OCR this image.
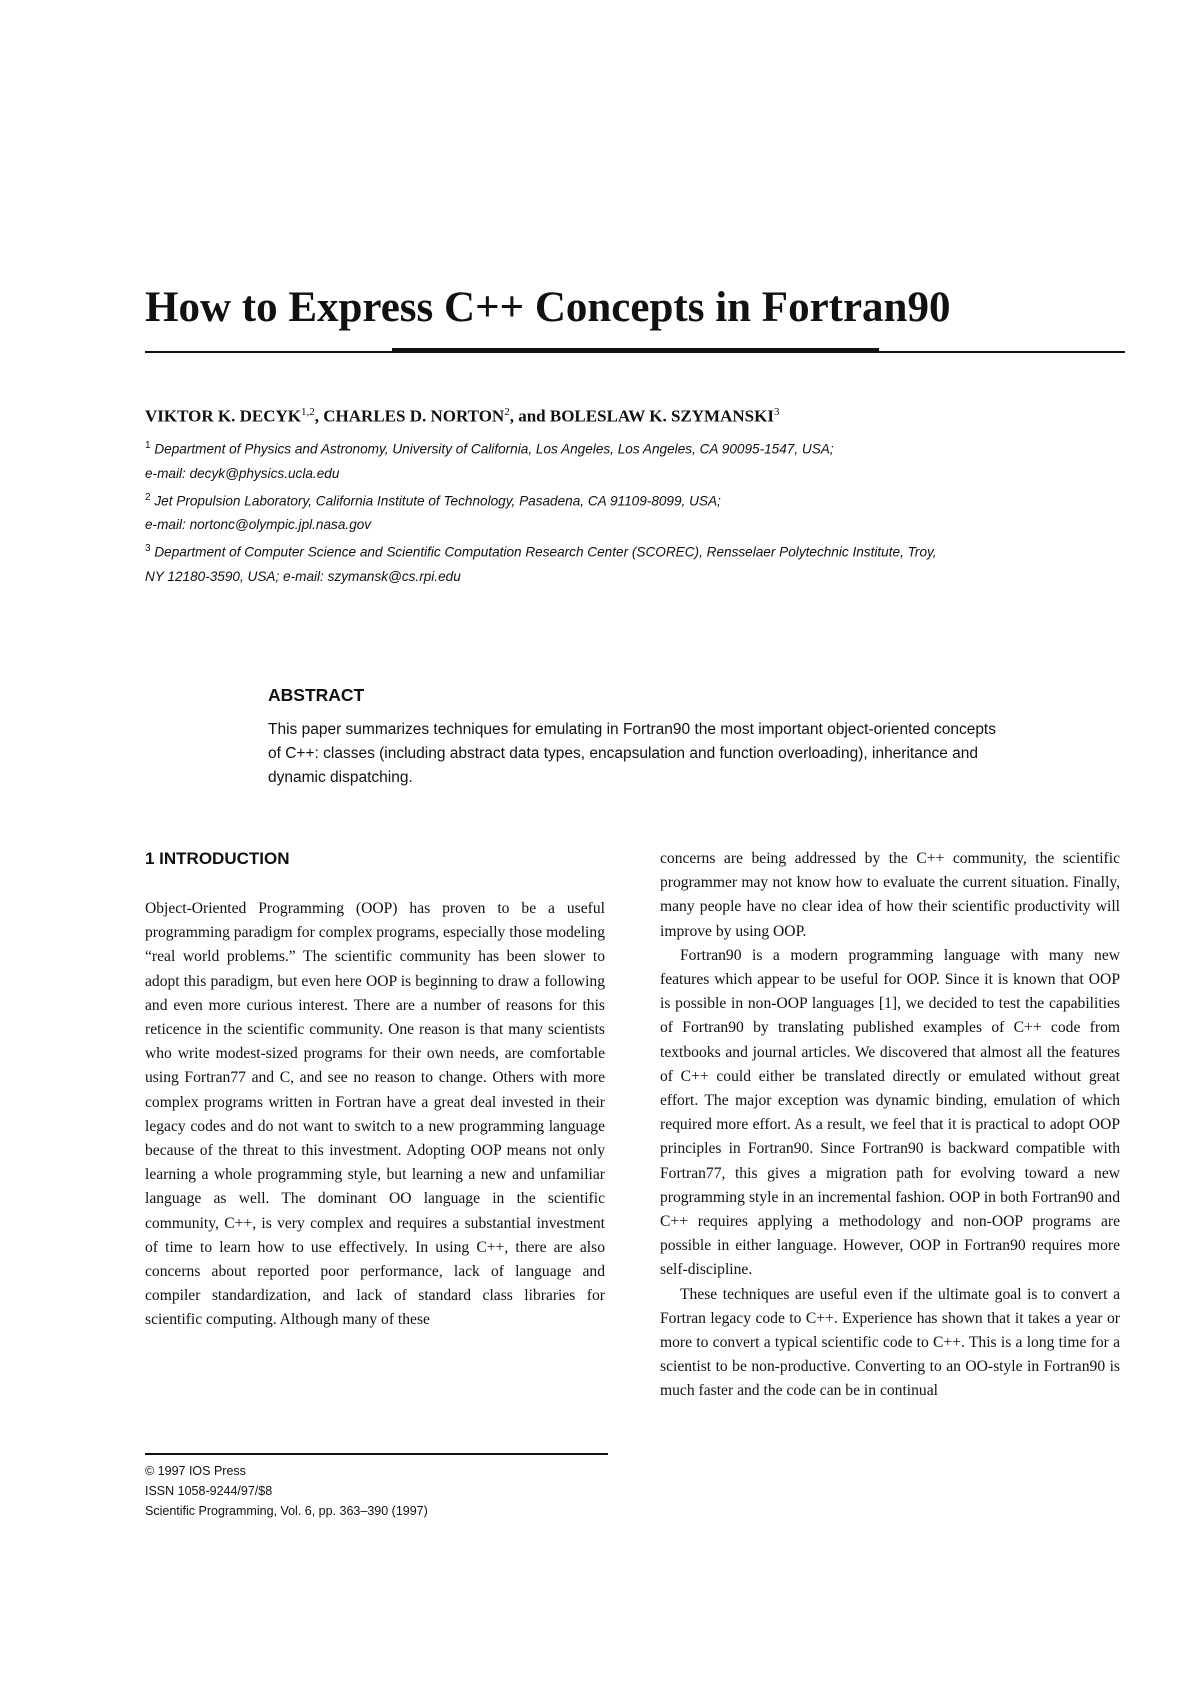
How to Express C++ Concepts in Fortran90
VIKTOR K. DECYK$^{1,2}$, CHARLES D. NORTON$^2$, and BOLESLAW K. SZYMANSKI$^3$
$^1$ Department of Physics and Astronomy, University of California, Los Angeles, Los Angeles, CA 90095-1547, USA;
e-mail: decyk@physics.ucla.edu
$^2$ Jet Propulsion Laboratory, California Institute of Technology, Pasadena, CA 91109-8099, USA;
e-mail: nortonc@olympic.jpl.nasa.gov
$^3$ Department of Computer Science and Scientific Computation Research Center (SCOREC), Rensselaer Polytechnic Institute, Troy,
NY 12180-3590, USA; e-mail: szymansk@cs.rpi.edu
ABSTRACT

This paper summarizes techniques for emulating in Fortran90 the most important object-oriented concepts of C++: classes (including abstract data types, encapsulation and function overloading), inheritance and dynamic dispatching.

1 INTRODUCTION

Object-Oriented Programming (OOP) has proven to be a useful programming paradigm for complex programs, especially those modeling “real world problems.” The scientific community has been slower to adopt this paradigm, but even here OOP is beginning to draw a following and even more curious interest. There are a number of reasons for this reticence in the scientific community. One reason is that many scientists who write modest-sized programs for their own needs, are comfortable using Fortran77 and C, and see no reason to change. Others with more complex programs written in Fortran have a great deal invested in their legacy codes and do not want to switch to a new programming language because of the threat to this investment. Adopting OOP means not only learning a whole programming style, but learning a new and unfamiliar language as well. The dominant OO language in the scientific community, C++, is very complex and requires a substantial investment of time to learn how to use effectively. In using C++, there are also concerns about reported poor performance, lack of language and compiler standardization, and lack of standard class libraries for scientific computing. Although many of these

concerns are being addressed by the C++ community, the scientific programmer may not know how to evaluate the current situation. Finally, many people have no clear idea of how their scientific productivity will improve by using OOP.

Fortran90 is a modern programming language with many new features which appear to be useful for OOP. Since it is known that OOP is possible in non-OOP languages [1], we decided to test the capabilities of Fortran90 by translating published examples of C++ code from textbooks and journal articles. We discovered that almost all the features of C++ could either be translated directly or emulated without great effort. The major exception was dynamic binding, emulation of which required more effort. As a result, we feel that it is practical to adopt OOP principles in Fortran90. Since Fortran90 is backward compatible with Fortran77, this gives a migration path for evolving toward a new programming style in an incremental fashion. OOP in both Fortran90 and C++ requires applying a methodology and non-OOP programs are possible in either language. However, OOP in Fortran90 requires more self-discipline.

These techniques are useful even if the ultimate goal is to convert a Fortran legacy code to C++. Experience has shown that it takes a year or more to convert a typical scientific code to C++. This is a long time for a scientist to be non-productive. Converting to an OO-style in Fortran90 is much faster and the code can be in continual

© 1997 IOS Press
ISSN 1058-9244/97/$8
Scientific Programming, Vol. 6, pp. 363–390 (1997)
